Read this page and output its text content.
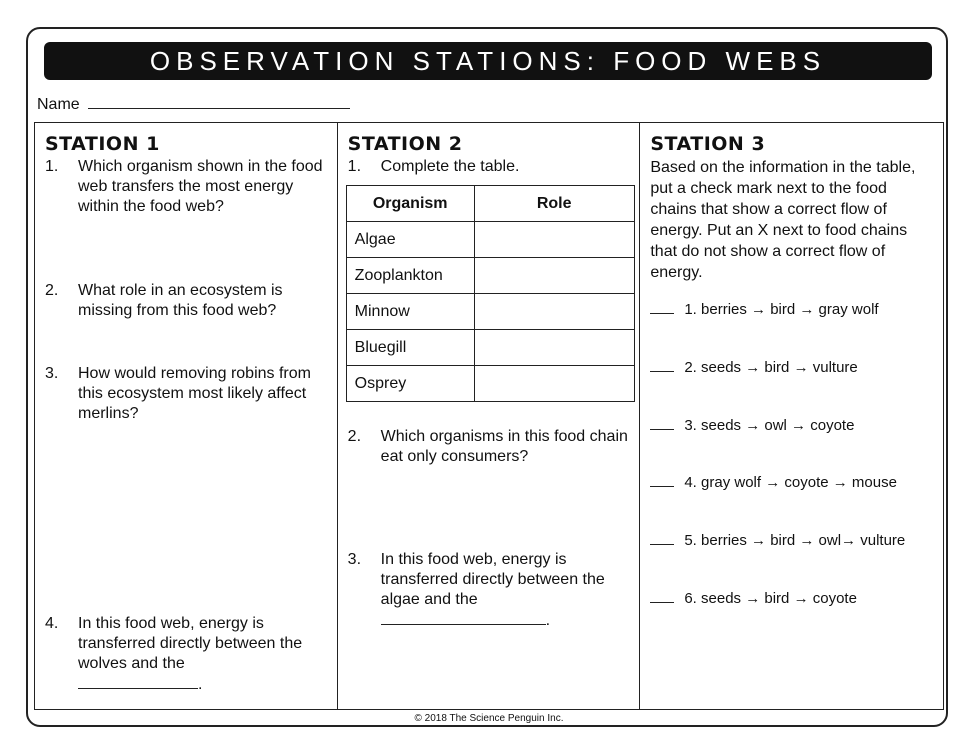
OBSERVATION STATIONS: FOOD WEBS
Name
STATION 1
1.	Which organism shown in the food web transfers the most energy within the food web?
2.	What role in an ecosystem is missing from this food web?
3.	How would removing robins from this ecosystem most likely affect merlins?
4.	In this food web, energy is transferred directly between the wolves and the
.
STATION 2
1.	Complete the table.
Organism	Role
Algae	
Zooplankton	
Minnow	
Bluegill	
Osprey	
2.	Which organisms in this food chain eat only consumers?
3.	In this food web, energy is transferred directly between the algae and the
.
STATION 3
Based on the information in the table, put a check mark next to the food chains that show a correct flow of energy. Put an X next to food chains that do not show a correct flow of energy.
1. berries → bird → gray wolf
2. seeds → bird → vulture
3. seeds → owl → coyote
4. gray wolf → coyote → mouse
5. berries → bird → owl→ vulture
6. seeds → bird → coyote
© 2018 The Science Penguin Inc.
